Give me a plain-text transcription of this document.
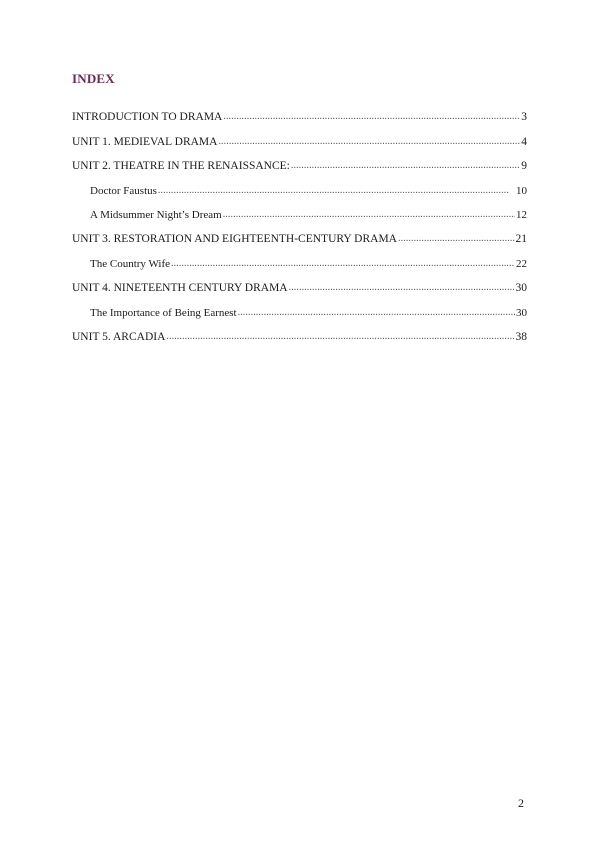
INDEX
INTRODUCTION TO DRAMA . . .	3
UNIT 1. MEDIEVAL DRAMA . . .	4
UNIT 2. THEATRE IN THE RENAISSANCE: . . .	9
Doctor Faustus . . .	10
A Midsummer Night’s Dream . . .	12
UNIT 3. RESTORATION AND EIGHTEENTH-CENTURY DRAMA . . .	21
The Country Wife . . .	22
UNIT 4. NINETEENTH CENTURY DRAMA . . .	30
The Importance of Being Earnest . . .	30
UNIT 5. ARCADIA . . .	38
2
